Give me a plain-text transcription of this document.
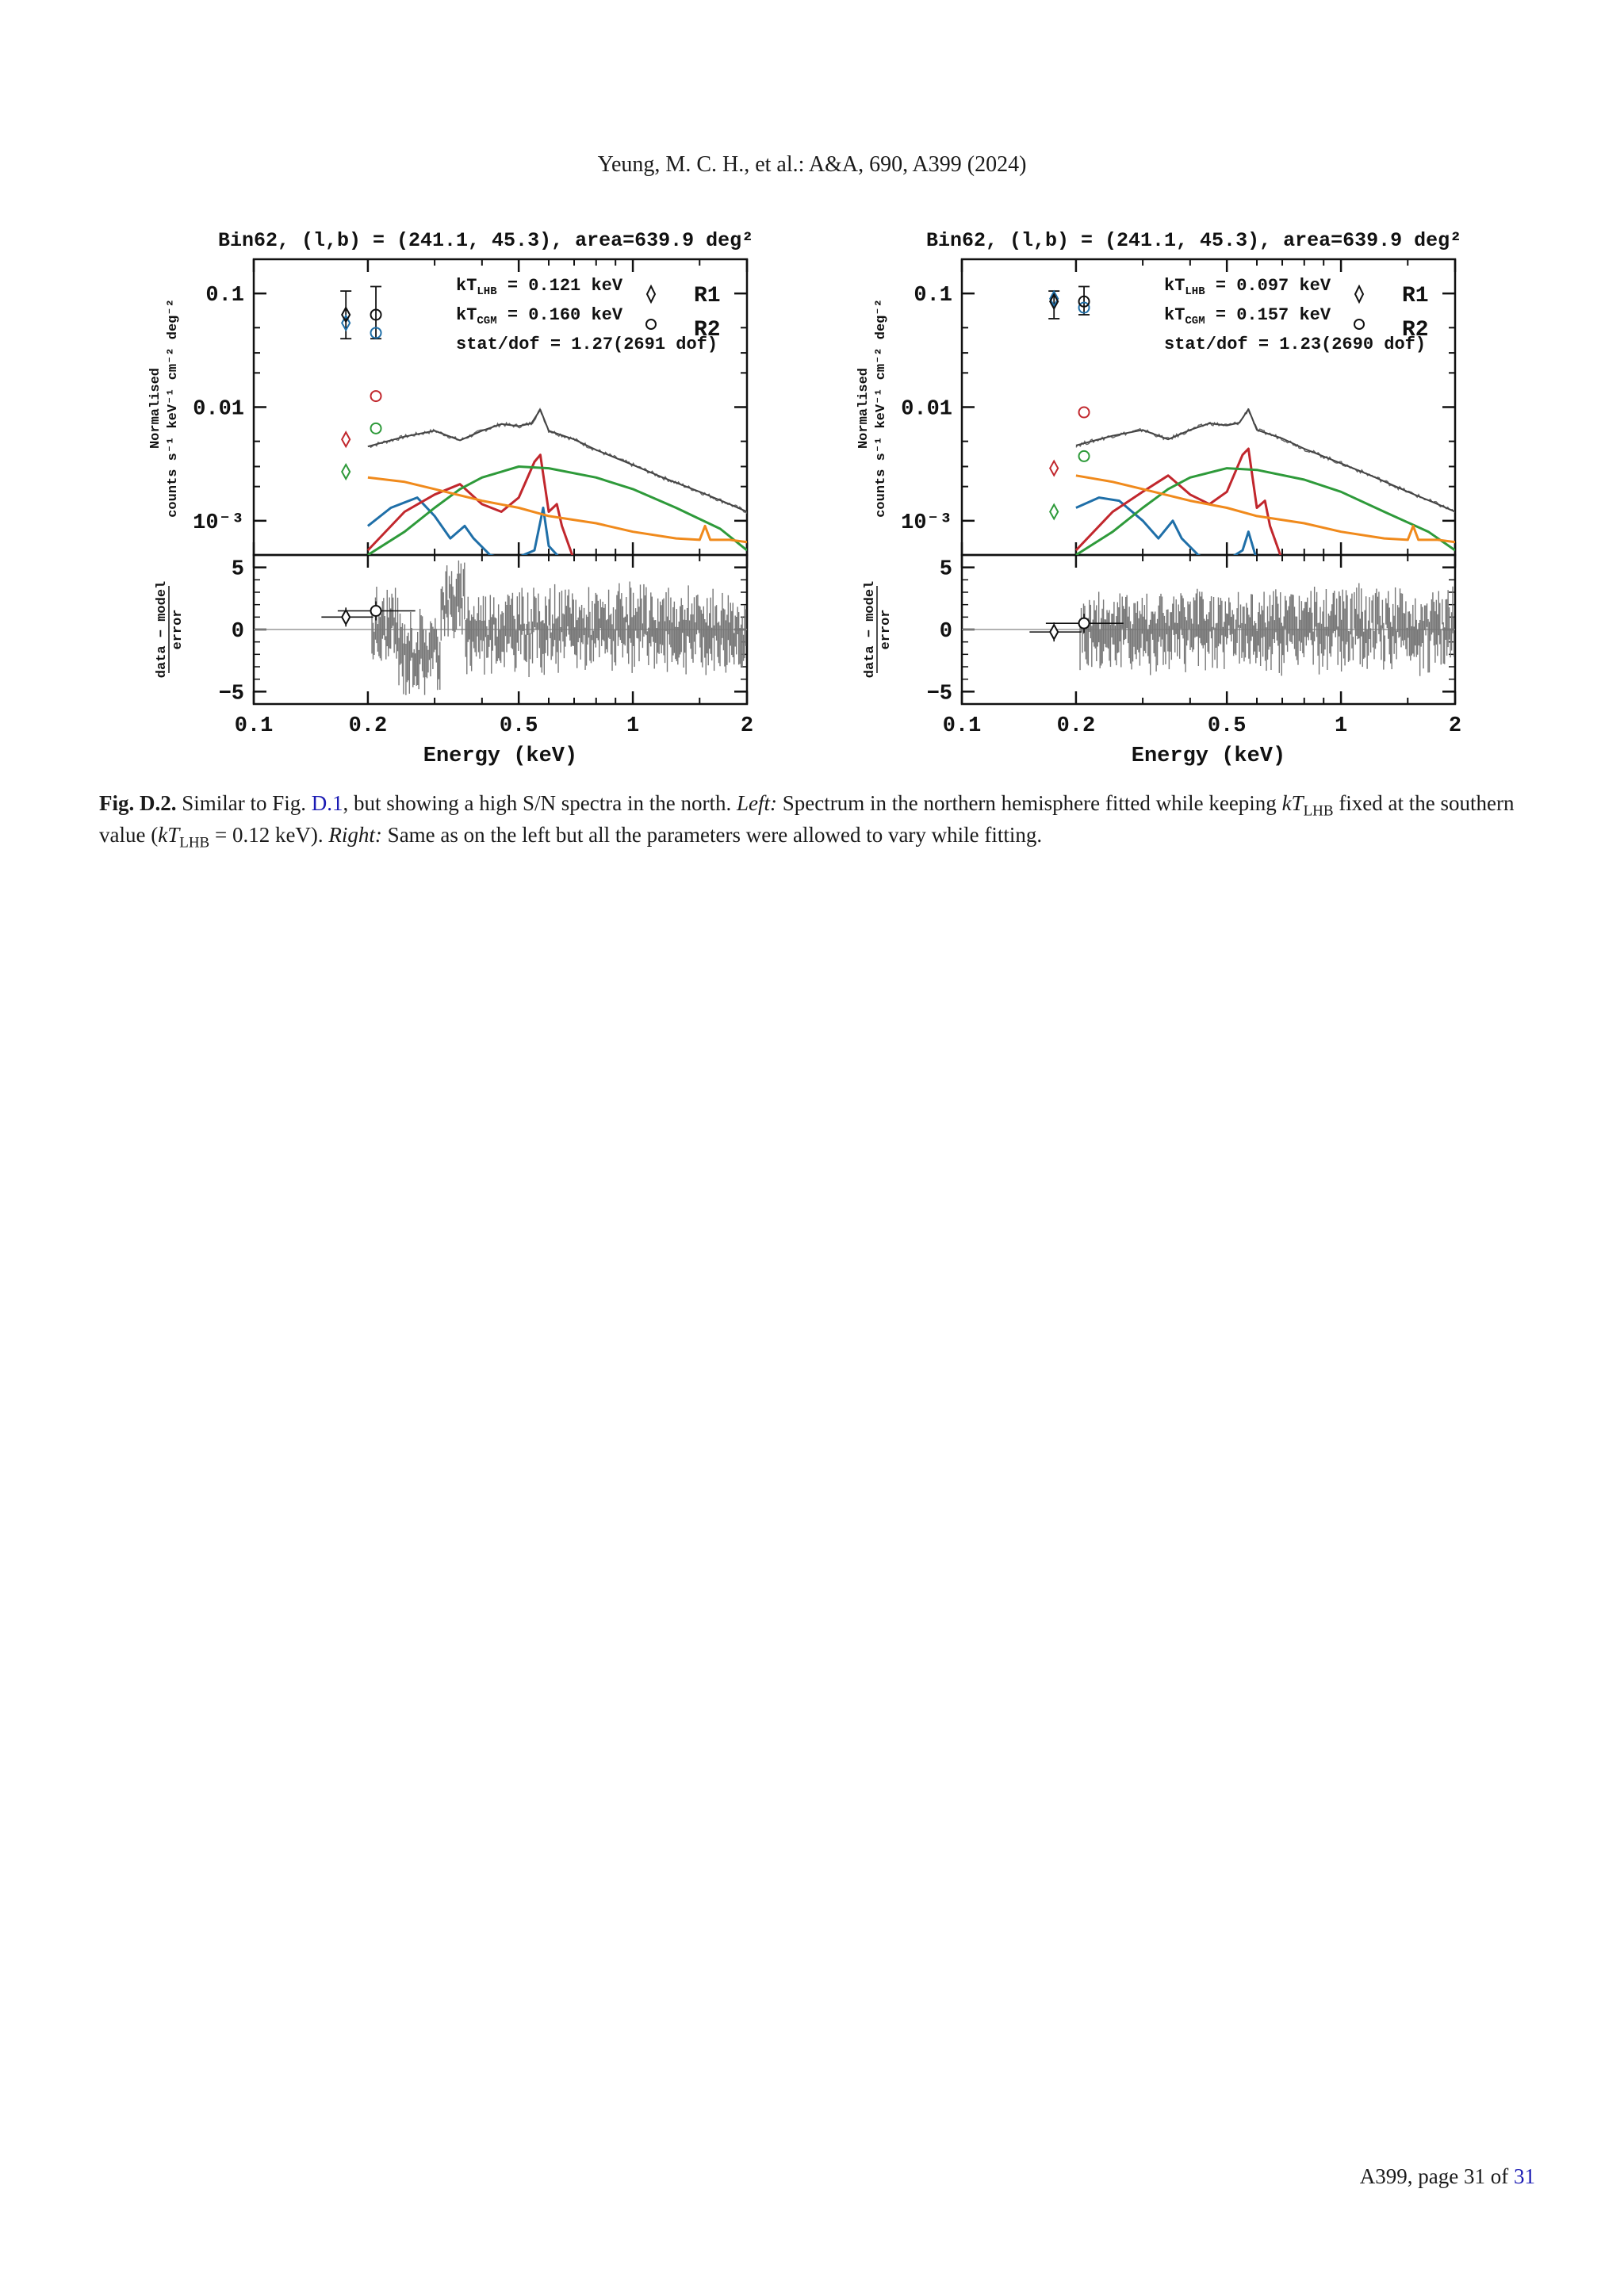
Yeung, M. C. H., et al.: A&A, 690, A399 (2024)
Bin62, (l,b) = (241.1, 45.3), area=639.9 deg²
0.1	0.2	0.5	1	2
Energy (keV)
0.1
0.01
10⁻³
5
0
−5
Normalised counts s⁻¹ keV⁻¹ cm⁻² deg⁻²
data − model error
$kT_{LHB} = 0.121$ keV
$kT_{CGM} = 0.160$ keV
stat/dof = 1.27(2691 dof)
R1
R2
Bin62, (l,b) = (241.1, 45.3), area=639.9 deg²
0.1	0.2	0.5	1	2
Energy (keV)
0.1
0.01
10⁻³
5
0
−5
Normalised counts s⁻¹ keV⁻¹ cm⁻² deg⁻²
data − model error
$kT_{LHB} = 0.097$ keV
$kT_{CGM} = 0.157$ keV
stat/dof = 1.23(2690 dof)
R1
R2
Fig. D.2. Similar to Fig. D.1, but showing a high S/N spectra in the north. Left: Spectrum in the northern hemisphere fitted while keeping $kT_{LHB}$ fixed at the southern value ($kT_{LHB} = 0.12$ keV). Right: Same as on the left but all the parameters were allowed to vary while fitting.
A399, page 31 of 31
